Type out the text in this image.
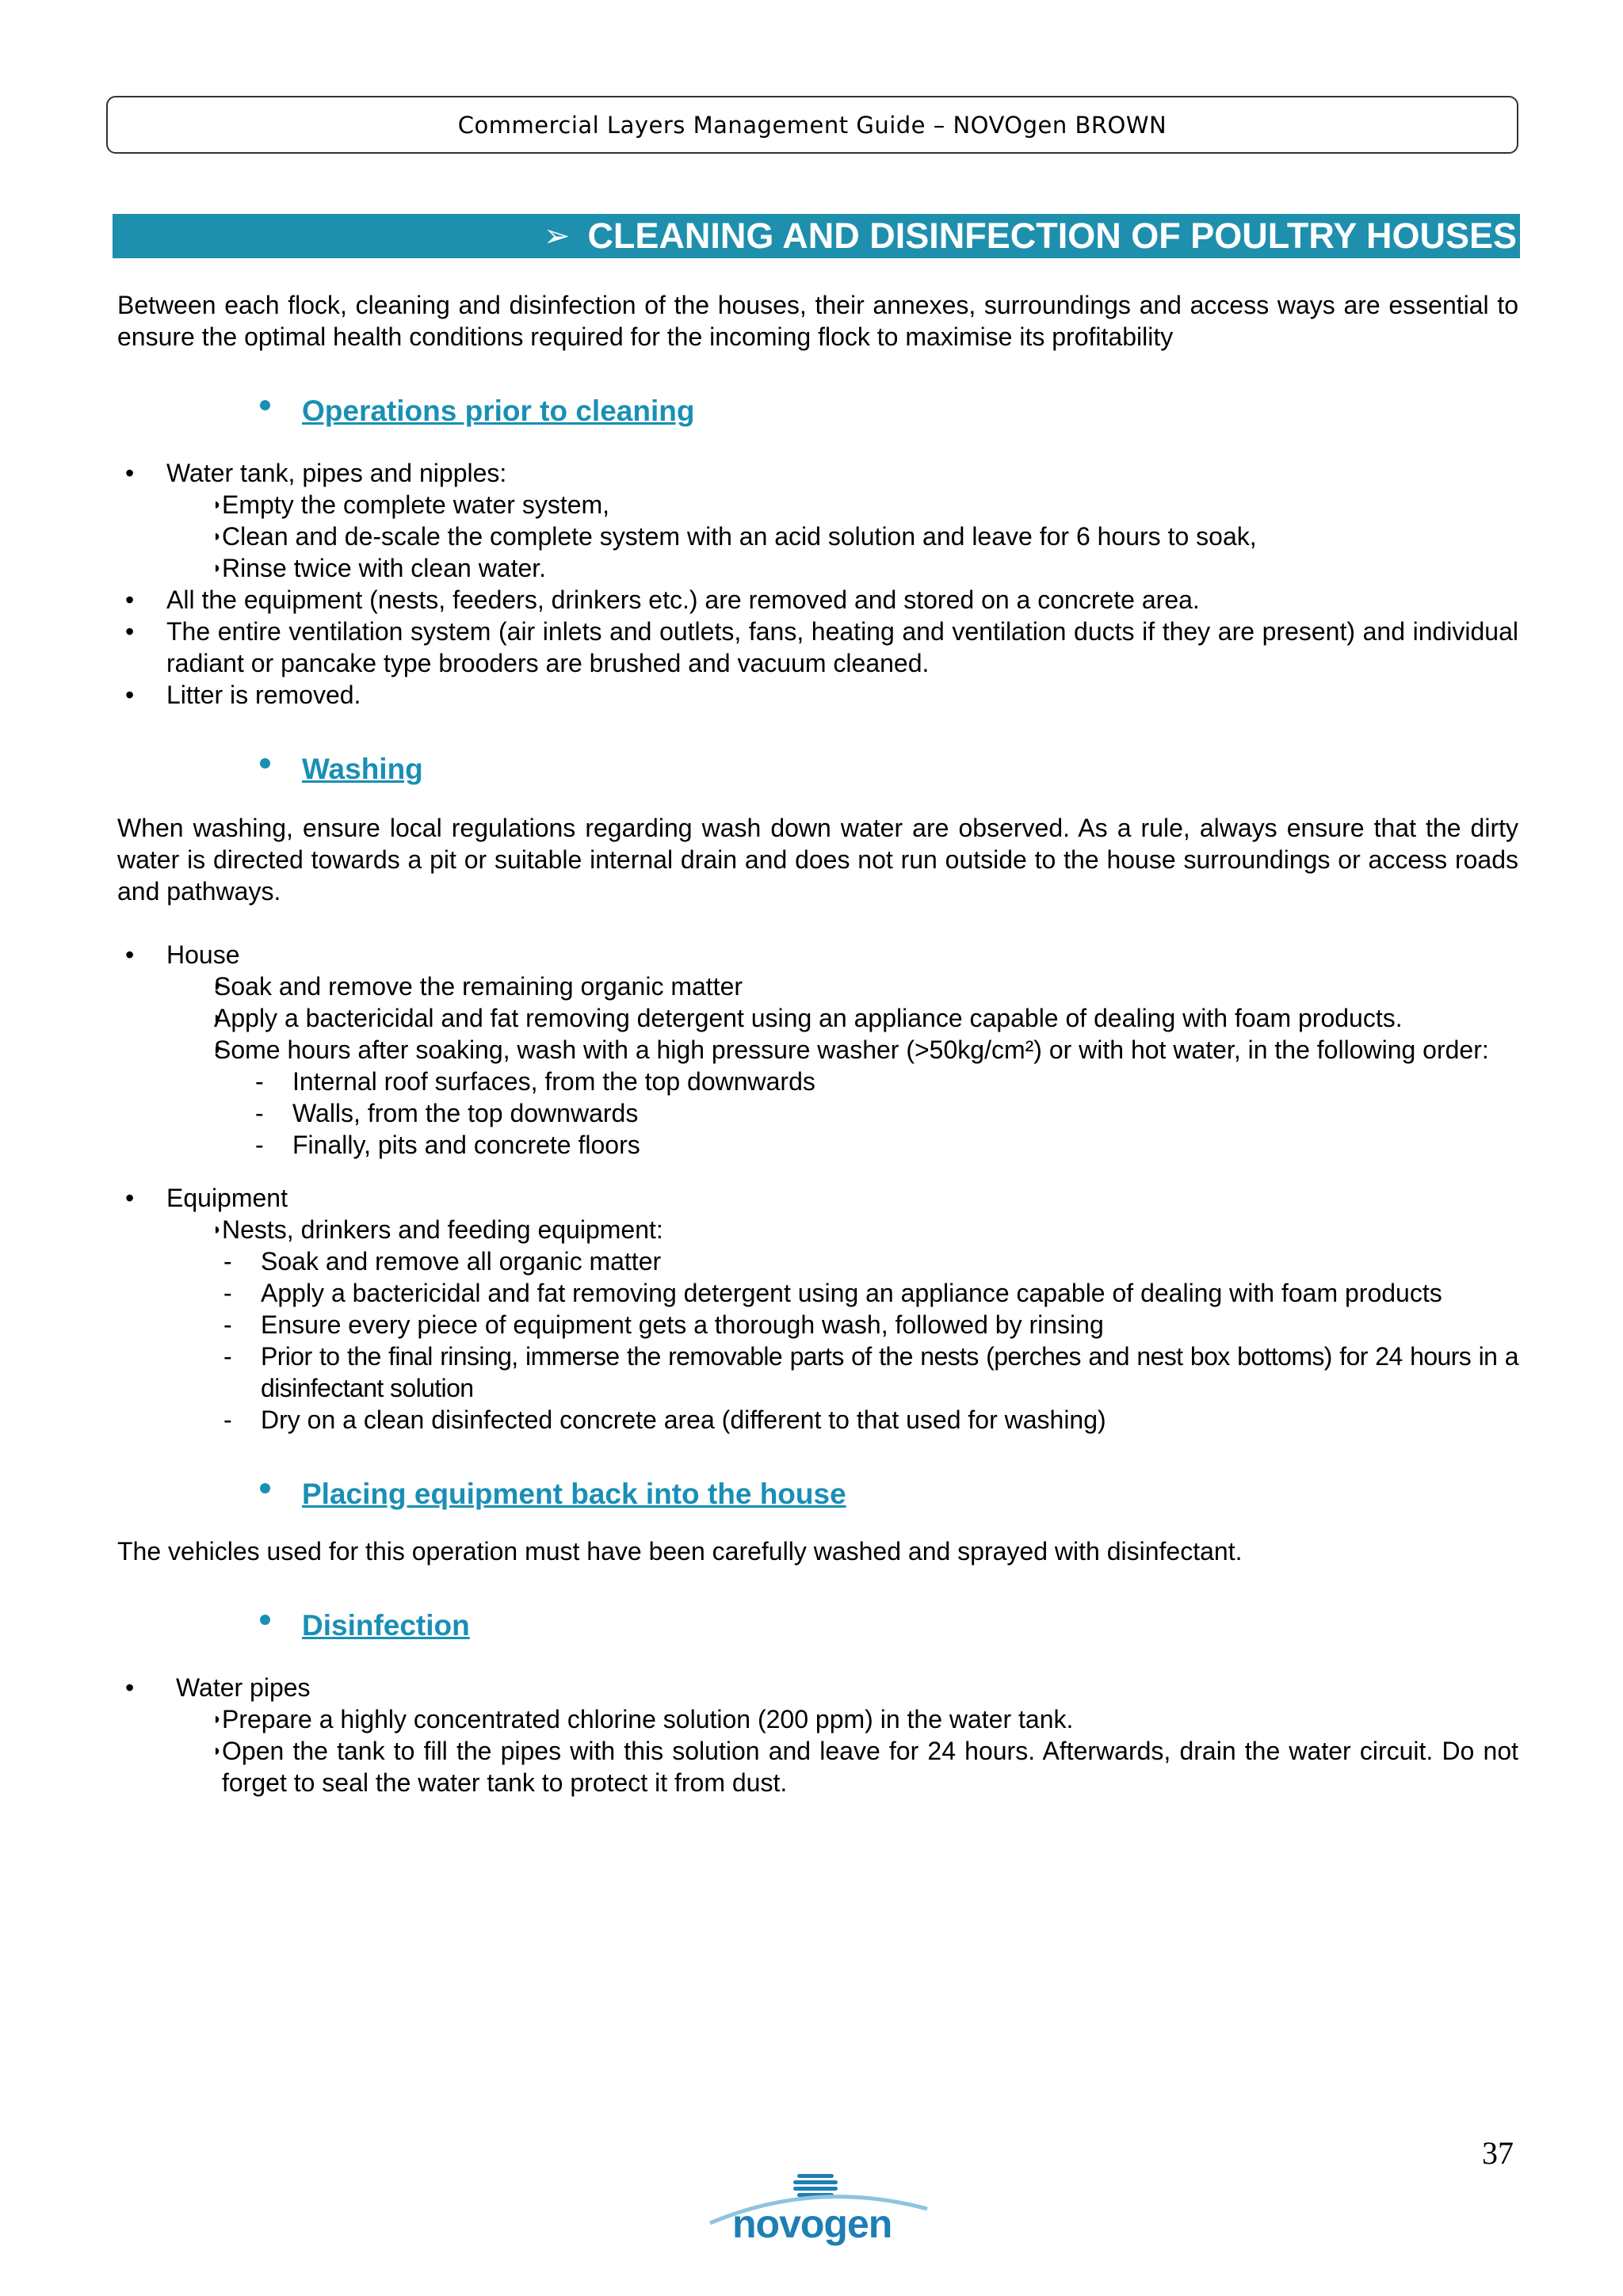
Commercial Layers Management Guide – NOVOgen BROWN
➢ CLEANING AND DISINFECTION OF POULTRY HOUSES

Between each flock, cleaning and disinfection of the houses, their annexes, surroundings and access ways are essential to ensure the optimal health conditions required for the incoming flock to maximise its profitability

Operations prior to cleaning
• Water tank, pipes and nipples:
◗ Empty the complete water system,
◗ Clean and de-scale the complete system with an acid solution and leave for 6 hours to soak,
◗ Rinse twice with clean water.
• All the equipment (nests, feeders, drinkers etc.) are removed and stored on a concrete area.
• The entire ventilation system (air inlets and outlets, fans, heating and ventilation ducts if they are present) and individual radiant or pancake type brooders are brushed and vacuum cleaned.
• Litter is removed.
Washing

When washing, ensure local regulations regarding wash down water are observed. As a rule, always ensure that the dirty water is directed towards a pit or suitable internal drain and does not run outside to the house surroundings or access roads and pathways.

• House
◗ Soak and remove the remaining organic matter
◗ Apply a bactericidal and fat removing detergent using an appliance capable of dealing with foam products.
◗ Some hours after soaking, wash with a high pressure washer (>50kg/cm²) or with hot water, in the following order:
- Internal roof surfaces, from the top downwards
- Walls, from the top downwards
- Finally, pits and concrete floors
• Equipment
◗ Nests, drinkers and feeding equipment:
- Soak and remove all organic matter
- Apply a bactericidal and fat removing detergent using an appliance capable of dealing with foam products
- Ensure every piece of equipment gets a thorough wash, followed by rinsing
- Prior to the final rinsing, immerse the removable parts of the nests (perches and nest box bottoms) for 24 hours in a disinfectant solution
- Dry on a clean disinfected concrete area (different to that used for washing)
Placing equipment back into the house

The vehicles used for this operation must have been carefully washed and sprayed with disinfectant.

Disinfection
• Water pipes
◗ Prepare a highly concentrated chlorine solution (200 ppm) in the water tank.
◗ Open the tank to fill the pipes with this solution and leave for 24 hours. Afterwards, drain the water circuit. Do not forget to seal the water tank to protect it from dust.
37
novogen
